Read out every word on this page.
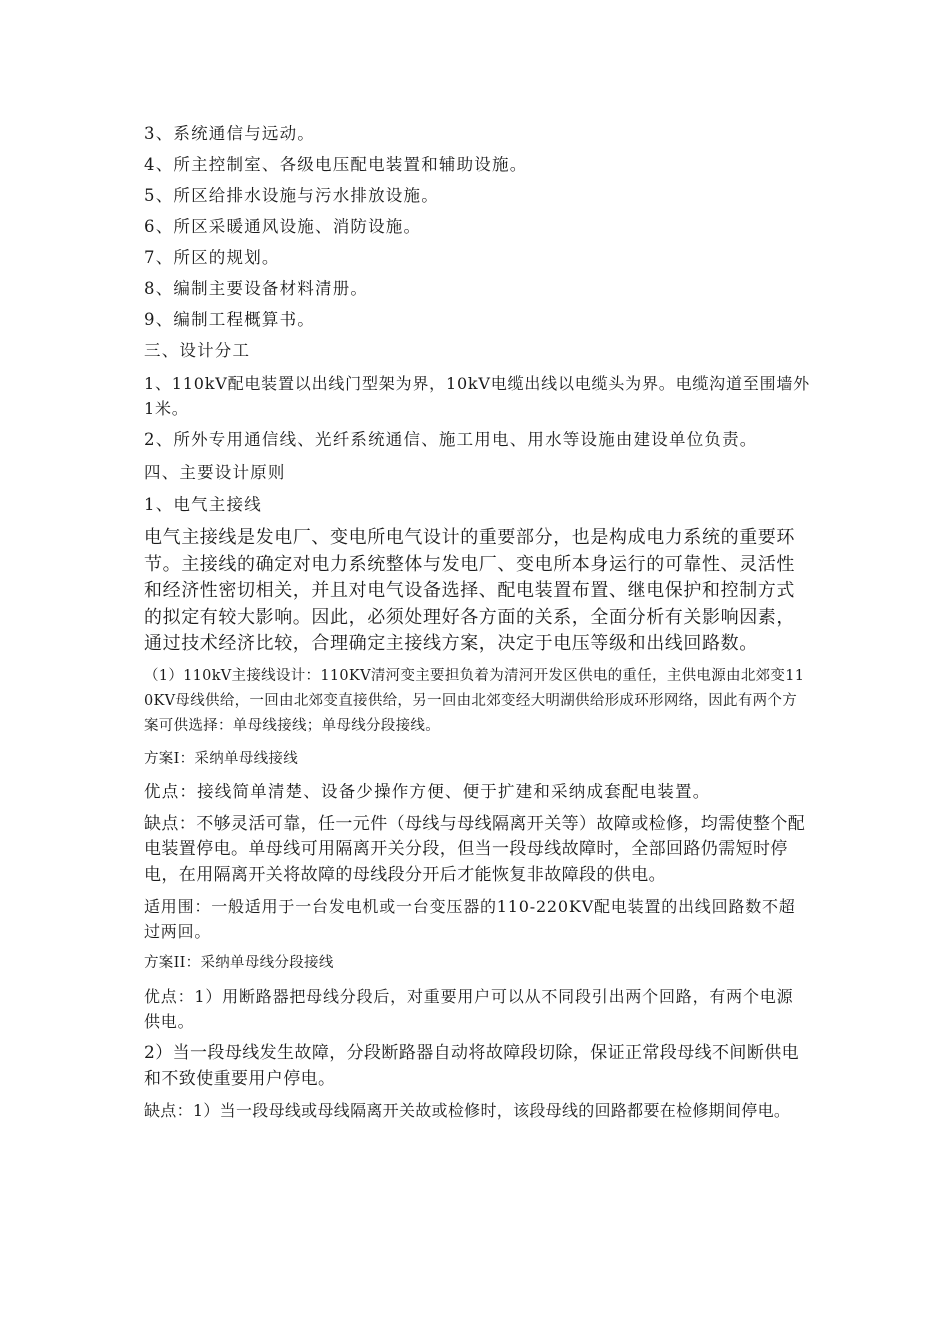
3、系统通信与远动。

4、所主控制室、各级电压配电装置和辅助设施。

5、所区给排水设施与污水排放设施。

6、所区采暖通风设施、消防设施。

7、所区的规划。

8、编制主要设备材料清册。

9、编制工程概算书。

三、设计分工

1、110kV配电装置以出线门型架为界，10kV电缆出线以电缆头为界。电缆沟道至围墙外1米。

2、所外专用通信线、光纤系统通信、施工用电、用水等设施由建设单位负责。

四、主要设计原则

1、电气主接线

电气主接线是发电厂、变电所电气设计的重要部分，也是构成电力系统的重要环节。主接线的确定对电力系统整体与发电厂、变电所本身运行的可靠性、灵活性和经济性密切相关，并且对电气设备选择、配电装置布置、继电保护和控制方式的拟定有较大影响。因此，必须处理好各方面的关系，全面分析有关影响因素，通过技术经济比较，合理确定主接线方案，决定于电压等级和出线回路数。

（1）110kV主接线设计：110KV清河变主要担负着为清河开发区供电的重任，主供电源由北郊变110KV母线供给，一回由北郊变直接供给，另一回由北郊变经大明湖供给形成环形网络，因此有两个方案可供选择：单母线接线；单母线分段接线。

方案I：采纳单母线接线

优点：接线简单清楚、设备少操作方便、便于扩建和采纳成套配电装置。

缺点：不够灵活可靠，任一元件（母线与母线隔离开关等）故障或检修，均需使整个配电装置停电。单母线可用隔离开关分段，但当一段母线故障时，全部回路仍需短时停电，在用隔离开关将故障的母线段分开后才能恢复非故障段的供电。

适用围：一般适用于一台发电机或一台变压器的110-220KV配电装置的出线回路数不超过两回。

方案II：采纳单母线分段接线

优点：1）用断路器把母线分段后，对重要用户可以从不同段引出两个回路，有两个电源供电。

2）当一段母线发生故障，分段断路器自动将故障段切除，保证正常段母线不间断供电和不致使重要用户停电。

缺点：1）当一段母线或母线隔离开关故或检修时，该段母线的回路都要在检修期间停电。
